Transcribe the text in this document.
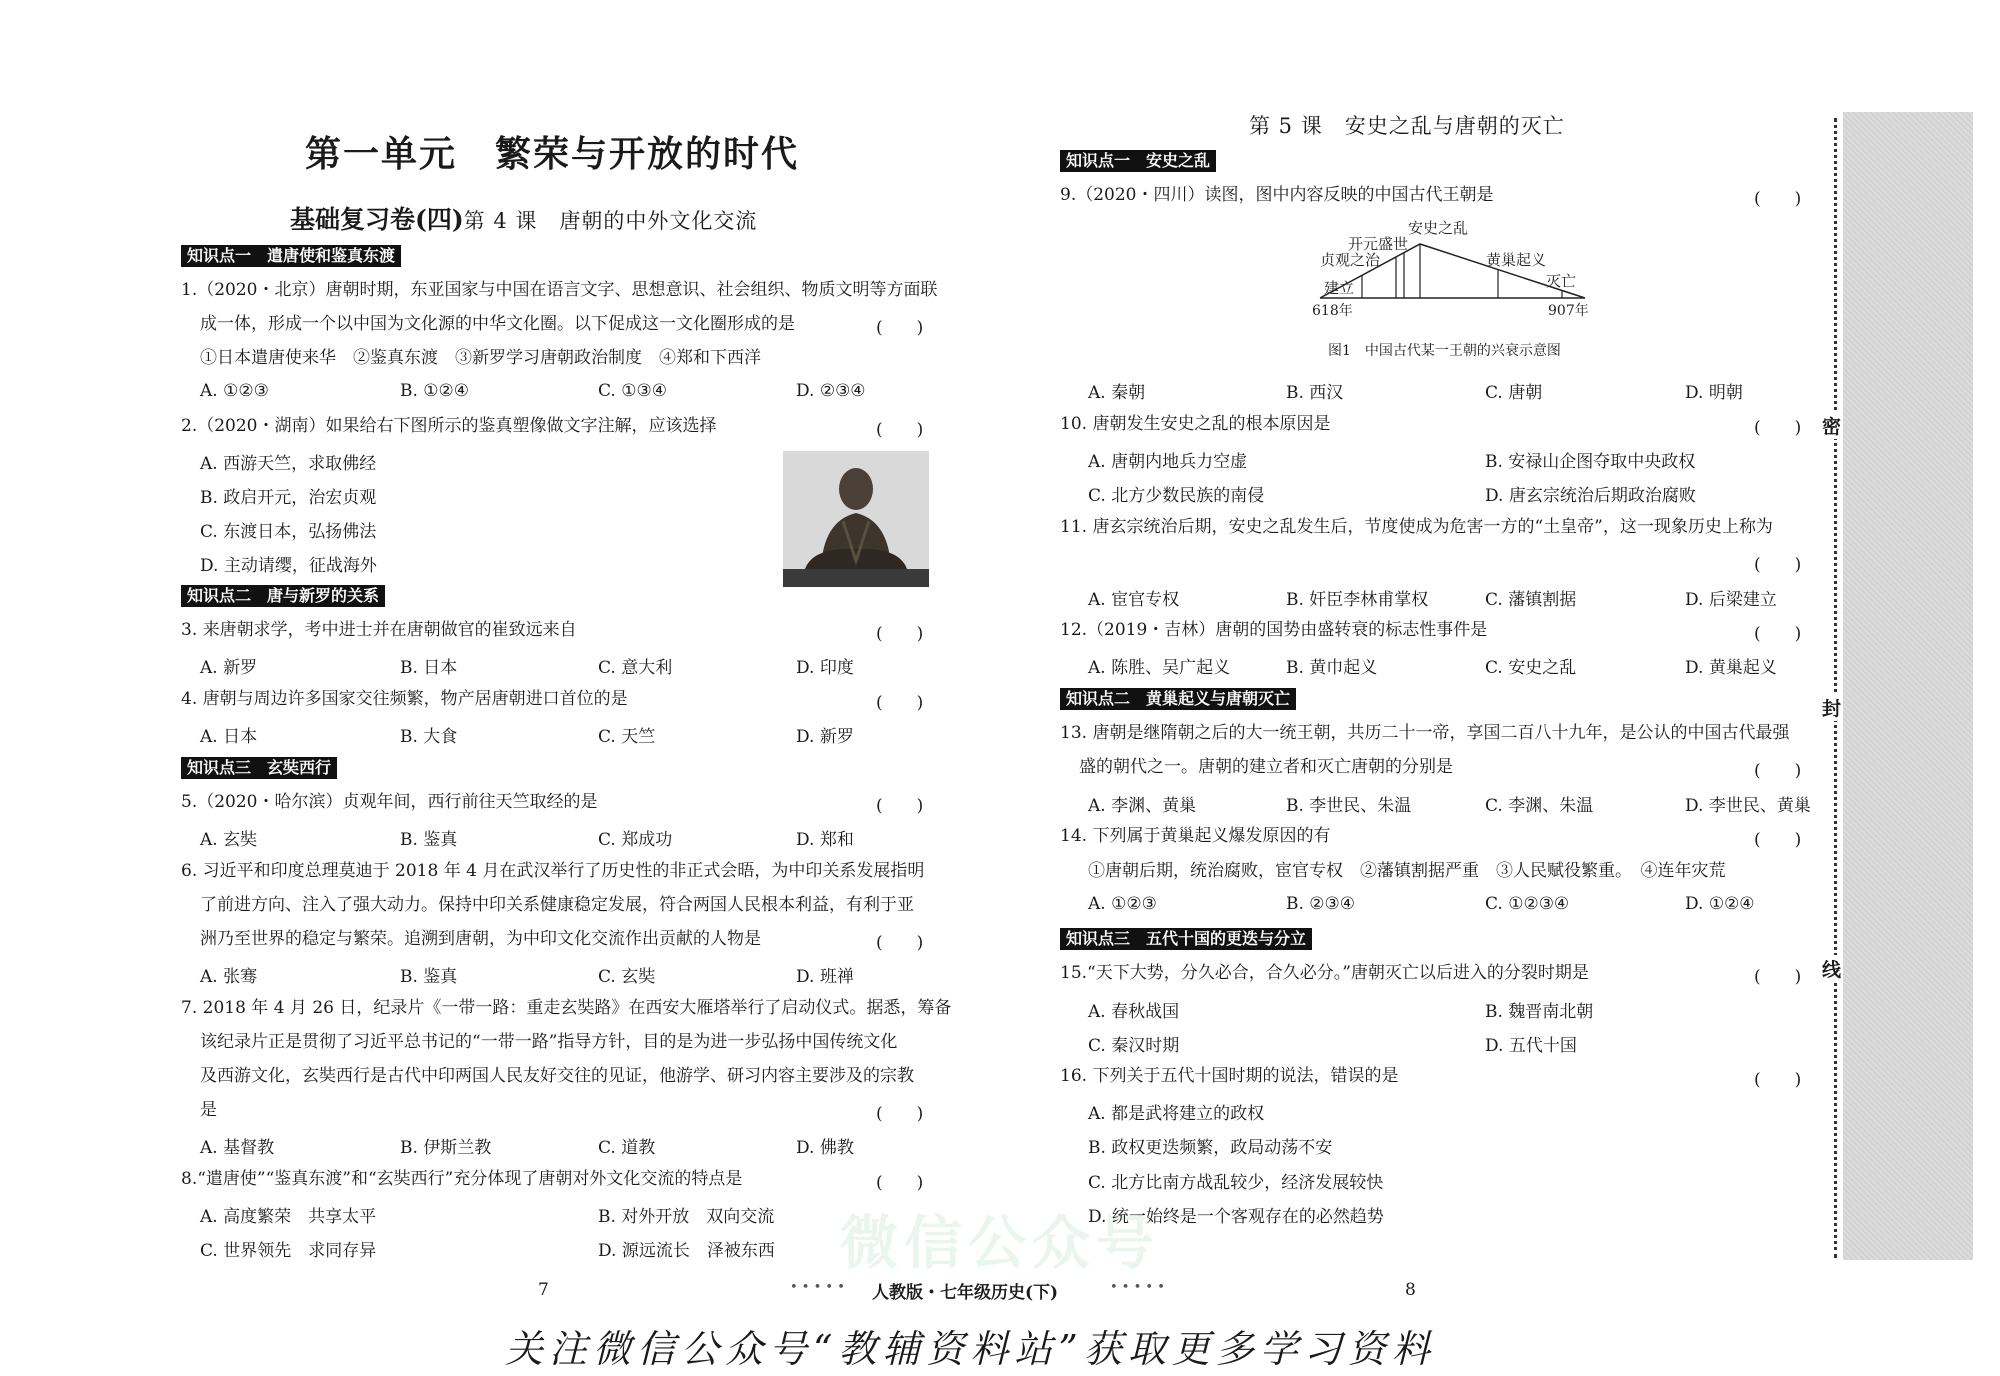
密
封
线
微信公众号
第一单元　繁荣与开放的时代
基础复习卷(四)第 4 课　唐朝的中外文化交流
知识点一　遣唐使和鉴真东渡
1.（2020・北京）唐朝时期，东亚国家与中国在语言文字、思想意识、社会组织、物质文明等方面联
成一体，形成一个以中国为文化源的中华文化圈。以下促成这一文化圈形成的是	(　　)
①日本遣唐使来华　②鉴真东渡　③新罗学习唐朝政治制度　④郑和下西洋
A. ①②③	B. ①②④	C. ①③④	D. ②③④
2.（2020・湖南）如果给右下图所示的鉴真塑像做文字注解，应该选择	(　　)
A. 西游天竺，求取佛经
B. 政启开元，治宏贞观
C. 东渡日本，弘扬佛法
D. 主动请缨，征战海外
知识点二　唐与新罗的关系
3. 来唐朝求学，考中进士并在唐朝做官的崔致远来自	(　　)
A. 新罗	B. 日本	C. 意大利	D. 印度
4. 唐朝与周边许多国家交往频繁，物产居唐朝进口首位的是	(　　)
A. 日本	B. 大食	C. 天竺	D. 新罗
知识点三　玄奘西行
5.（2020・哈尔滨）贞观年间，西行前往天竺取经的是	(　　)
A. 玄奘	B. 鉴真	C. 郑成功	D. 郑和
6. 习近平和印度总理莫迪于 2018 年 4 月在武汉举行了历史性的非正式会晤，为中印关系发展指明
了前进方向、注入了强大动力。保持中印关系健康稳定发展，符合两国人民根本利益，有利于亚
洲乃至世界的稳定与繁荣。追溯到唐朝，为中印文化交流作出贡献的人物是	(　　)
A. 张骞	B. 鉴真	C. 玄奘	D. 班禅
7. 2018 年 4 月 26 日，纪录片《一带一路：重走玄奘路》在西安大雁塔举行了启动仪式。据悉，筹备
该纪录片正是贯彻了习近平总书记的“一带一路”指导方针，目的是为进一步弘扬中国传统文化
及西游文化，玄奘西行是古代中印两国人民友好交往的见证，他游学、研习内容主要涉及的宗教
是	(　　)
A. 基督教	B. 伊斯兰教	C. 道教	D. 佛教
8.“遣唐使”“鉴真东渡”和“玄奘西行”充分体现了唐朝对外文化交流的特点是	(　　)
A. 高度繁荣　共享太平	B. 对外开放　双向交流
C. 世界领先　求同存异	D. 源远流长　泽被东西
7
第 5 课　安史之乱与唐朝的灭亡
知识点一　安史之乱
9.（2020・四川）读图，图中内容反映的中国古代王朝是	(　　)
开元盛世
安史之乱
贞观之治	黄巢起义
建立	灭亡
618年	907年
图1　中国古代某一王朝的兴衰示意图
A. 秦朝	B. 西汉	C. 唐朝	D. 明朝
10. 唐朝发生安史之乱的根本原因是	(　　)
A. 唐朝内地兵力空虚	B. 安禄山企图夺取中央政权
C. 北方少数民族的南侵	D. 唐玄宗统治后期政治腐败
11. 唐玄宗统治后期，安史之乱发生后，节度使成为危害一方的“土皇帝”，这一现象历史上称为
(　　)
A. 宦官专权	B. 奸臣李林甫掌权	C. 藩镇割据	D. 后梁建立
12.（2019・吉林）唐朝的国势由盛转衰的标志性事件是	(　　)
A. 陈胜、吴广起义	B. 黄巾起义	C. 安史之乱	D. 黄巢起义
知识点二　黄巢起义与唐朝灭亡
13. 唐朝是继隋朝之后的大一统王朝，共历二十一帝，享国二百八十九年，是公认的中国古代最强
盛的朝代之一。唐朝的建立者和灭亡唐朝的分别是	(　　)
A. 李渊、黄巢	B. 李世民、朱温	C. 李渊、朱温	D. 李世民、黄巢
14. 下列属于黄巢起义爆发原因的有	(　　)
①唐朝后期，统治腐败，宦官专权　②藩镇割据严重　③人民赋役繁重。　④连年灾荒
A. ①②③	B. ②③④	C. ①②③④	D. ①②④
知识点三　五代十国的更迭与分立
15.“天下大势，分久必合，合久必分。”唐朝灭亡以后进入的分裂时期是	(　　)
A. 春秋战国	B. 魏晋南北朝
C. 秦汉时期	D. 五代十国
16. 下列关于五代十国时期的说法，错误的是	(　　)
A. 都是武将建立的政权
B. 政权更迭频繁，政局动荡不安
C. 北方比南方战乱较少，经济发展较快
D. 统一始终是一个客观存在的必然趋势
8
• • • • • 人教版・七年级历史(下)	• • • • •
关注微信公众号“教辅资料站”获取更多学习资料
